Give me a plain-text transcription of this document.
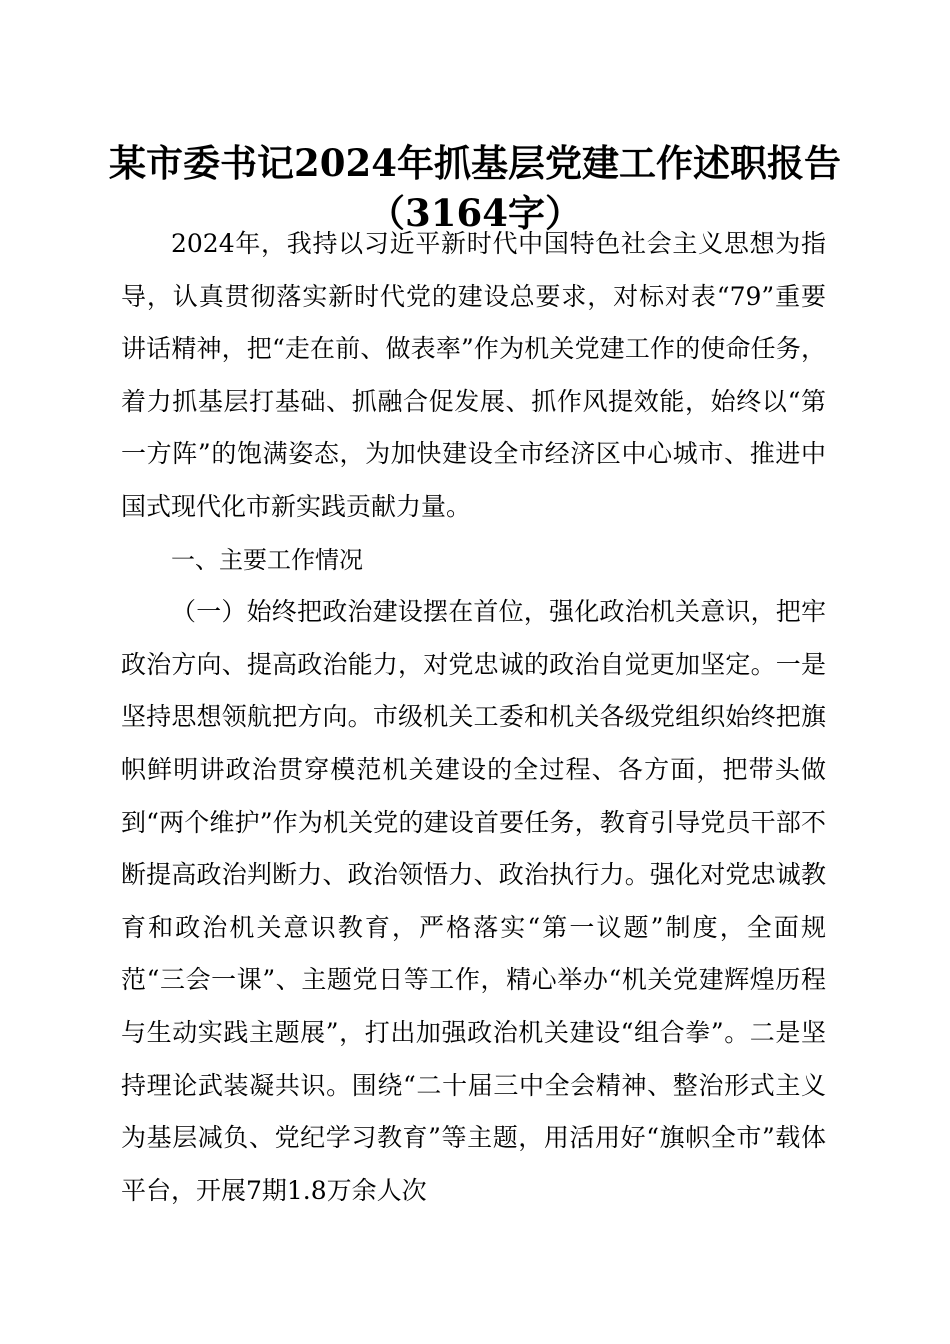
某市委书记2024年抓基层党建工作述职报告
（3164字）

2024年，我持以习近平新时代中国特色社会主义思想为指导，认真贯彻落实新时代党的建设总要求，对标对表“79”重要讲话精神，把“走在前、做表率”作为机关党建工作的使命任务，着力抓基层打基础、抓融合促发展、抓作风提效能，始终以“第一方阵”的饱满姿态，为加快建设全市经济区中心城市、推进中国式现代化市新实践贡献力量。

一、主要工作情况

（一）始终把政治建设摆在首位，强化政治机关意识，把牢政治方向、提高政治能力，对党忠诚的政治自觉更加坚定。一是坚持思想领航把方向。市级机关工委和机关各级党组织始终把旗帜鲜明讲政治贯穿模范机关建设的全过程、各方面，把带头做到“两个维护”作为机关党的建设首要任务，教育引导党员干部不断提高政治判断力、政治领悟力、政治执行力。强化对党忠诚教育和政治机关意识教育，严格落实“第一议题”制度，全面规范“三会一课”、主题党日等工作，精心举办“机关党建辉煌历程与生动实践主题展”，打出加强政治机关建设“组合拳”。二是坚持理论武装凝共识。围绕“二十届三中全会精神、整治形式主义为基层减负、党纪学习教育”等主题，用活用好“旗帜全市”载体平台，开展7期1.8万余人次
